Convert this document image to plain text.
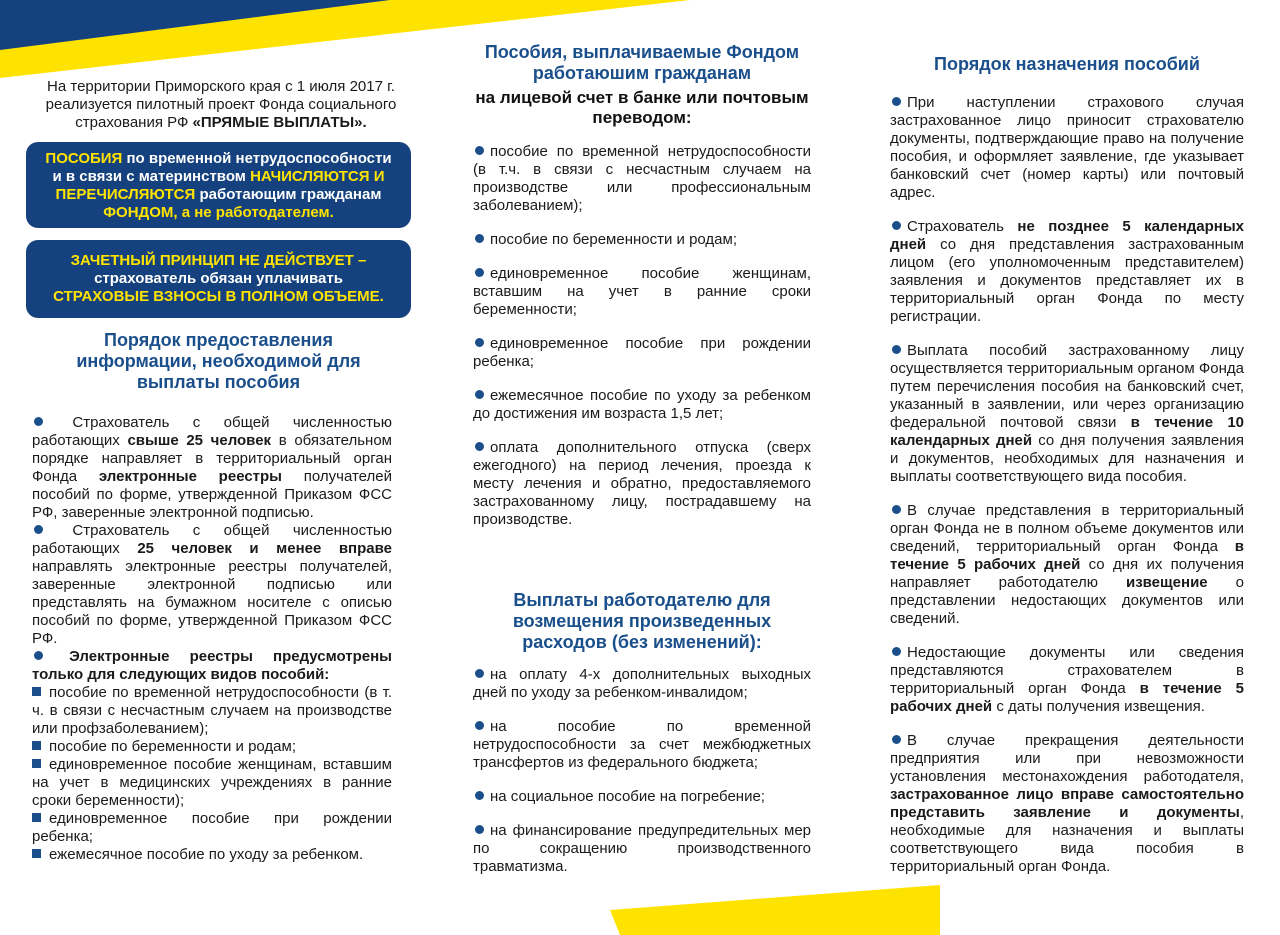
На территории Приморского края с 1 июля 2017 г.
реализуется пилотный проект Фонда социального
страхования РФ «ПРЯМЫЕ ВЫПЛАТЫ».
ПОСОБИЯ по временной нетрудоспособности
и в связи с материнством НАЧИСЛЯЮТСЯ И
ПЕРЕЧИСЛЯЮТСЯ работающим гражданам
ФОНДОМ, а не работодателем.
ЗАЧЕТНЫЙ ПРИНЦИП НЕ ДЕЙСТВУЕТ –
страхователь обязан уплачивать
СТРАХОВЫЕ ВЗНОСЫ В ПОЛНОМ ОБЪЕМЕ.

Порядок предоставления информации, необходимой для выплаты пособия

Страхователь с общей численностью работающих свыше 25 человек в обязательном порядке направляет в территориальный орган Фонда электронные реестры получателей пособий по форме, утвержденной Приказом ФСС РФ, заверенные электронной подписью.

Страхователь с общей численностью работающих 25 человек и менее вправе направлять электронные реестры получателей, заверенные электронной подписью или представлять на бумажном носителе с описью пособий по форме, утвержденной Приказом ФСС РФ.

Электронные реестры предусмотрены только для следующих видов пособий:

пособие по временной нетрудоспособности (в т. ч. в связи с несчастным случаем на производстве или профзаболеванием);

пособие по беременности и родам;

единовременное пособие женщинам, вставшим на учет в медицинских учреждениях в ранние сроки беременности);

единовременное пособие при рождении ребенка;

ежемесячное пособие по уходу за ребенком.

Пособия, выплачиваемые Фондом работаюшим гражданам

на лицевой счет в банке или почтовым переводом:

пособие по временной нетрудоспособности (в т.ч. в связи с несчастным случаем на производстве или профессиональным заболеванием);

пособие по беременности и родам;

единовременное пособие женщинам, вставшим на учет в ранние сроки беременности;

единовременное пособие при рождении ребенка;

ежемесячное пособие по уходу за ребенком до достижения им возраста 1,5 лет;

оплата дополнительного отпуска (сверх ежегодного) на период лечения, проезда к месту лечения и обратно, предоставляемого застрахованному лицу, пострадавшему на производстве.

Выплаты работодателю для возмещения произведенных расходов (без изменений):

на оплату 4-х дополнительных выходных дней по уходу за ребенком-инвалидом;

на пособие по временной нетрудоспособности за счет межбюджетных трансфертов из федерального бюджета;

на социальное пособие на погребение;

на финансирование предупредительных мер по сокращению производственного травматизма.

Порядок назначения пособий

При наступлении страхового случая застрахованное лицо приносит страхователю документы, подтверждающие право на получение пособия, и оформляет заявление, где указывает банковский счет (номер карты) или почтовый адрес.

Страхователь не позднее 5 календарных дней со дня представления застрахованным лицом (его уполномоченным представителем) заявления и документов представляет их в территориальный орган Фонда по месту регистрации.

Выплата пособий застрахованному лицу осуществляется территориальным органом Фонда путем перечисления пособия на банковский счет, указанный в заявлении, или через организацию федеральной почтовой связи в течение 10 календарных дней со дня получения заявления и документов, необходимых для назначения и выплаты соответствующего вида пособия.

В случае представления в территориальный орган Фонда не в полном объеме документов или сведений, территориальный орган Фонда в течение 5 рабочих дней со дня их получения направляет работодателю извещение о представлении недостающих документов или сведений.

Недостающие документы или сведения представляются страхователем в территориальный орган Фонда в течение 5 рабочих дней с даты получения извещения.

В случае прекращения деятельности предприятия или при невозможности установления местонахождения работодателя, застрахованное лицо вправе самостоятельно представить заявление и документы, необходимые для назначения и выплаты соответствующего вида пособия в территориальный орган Фонда.
